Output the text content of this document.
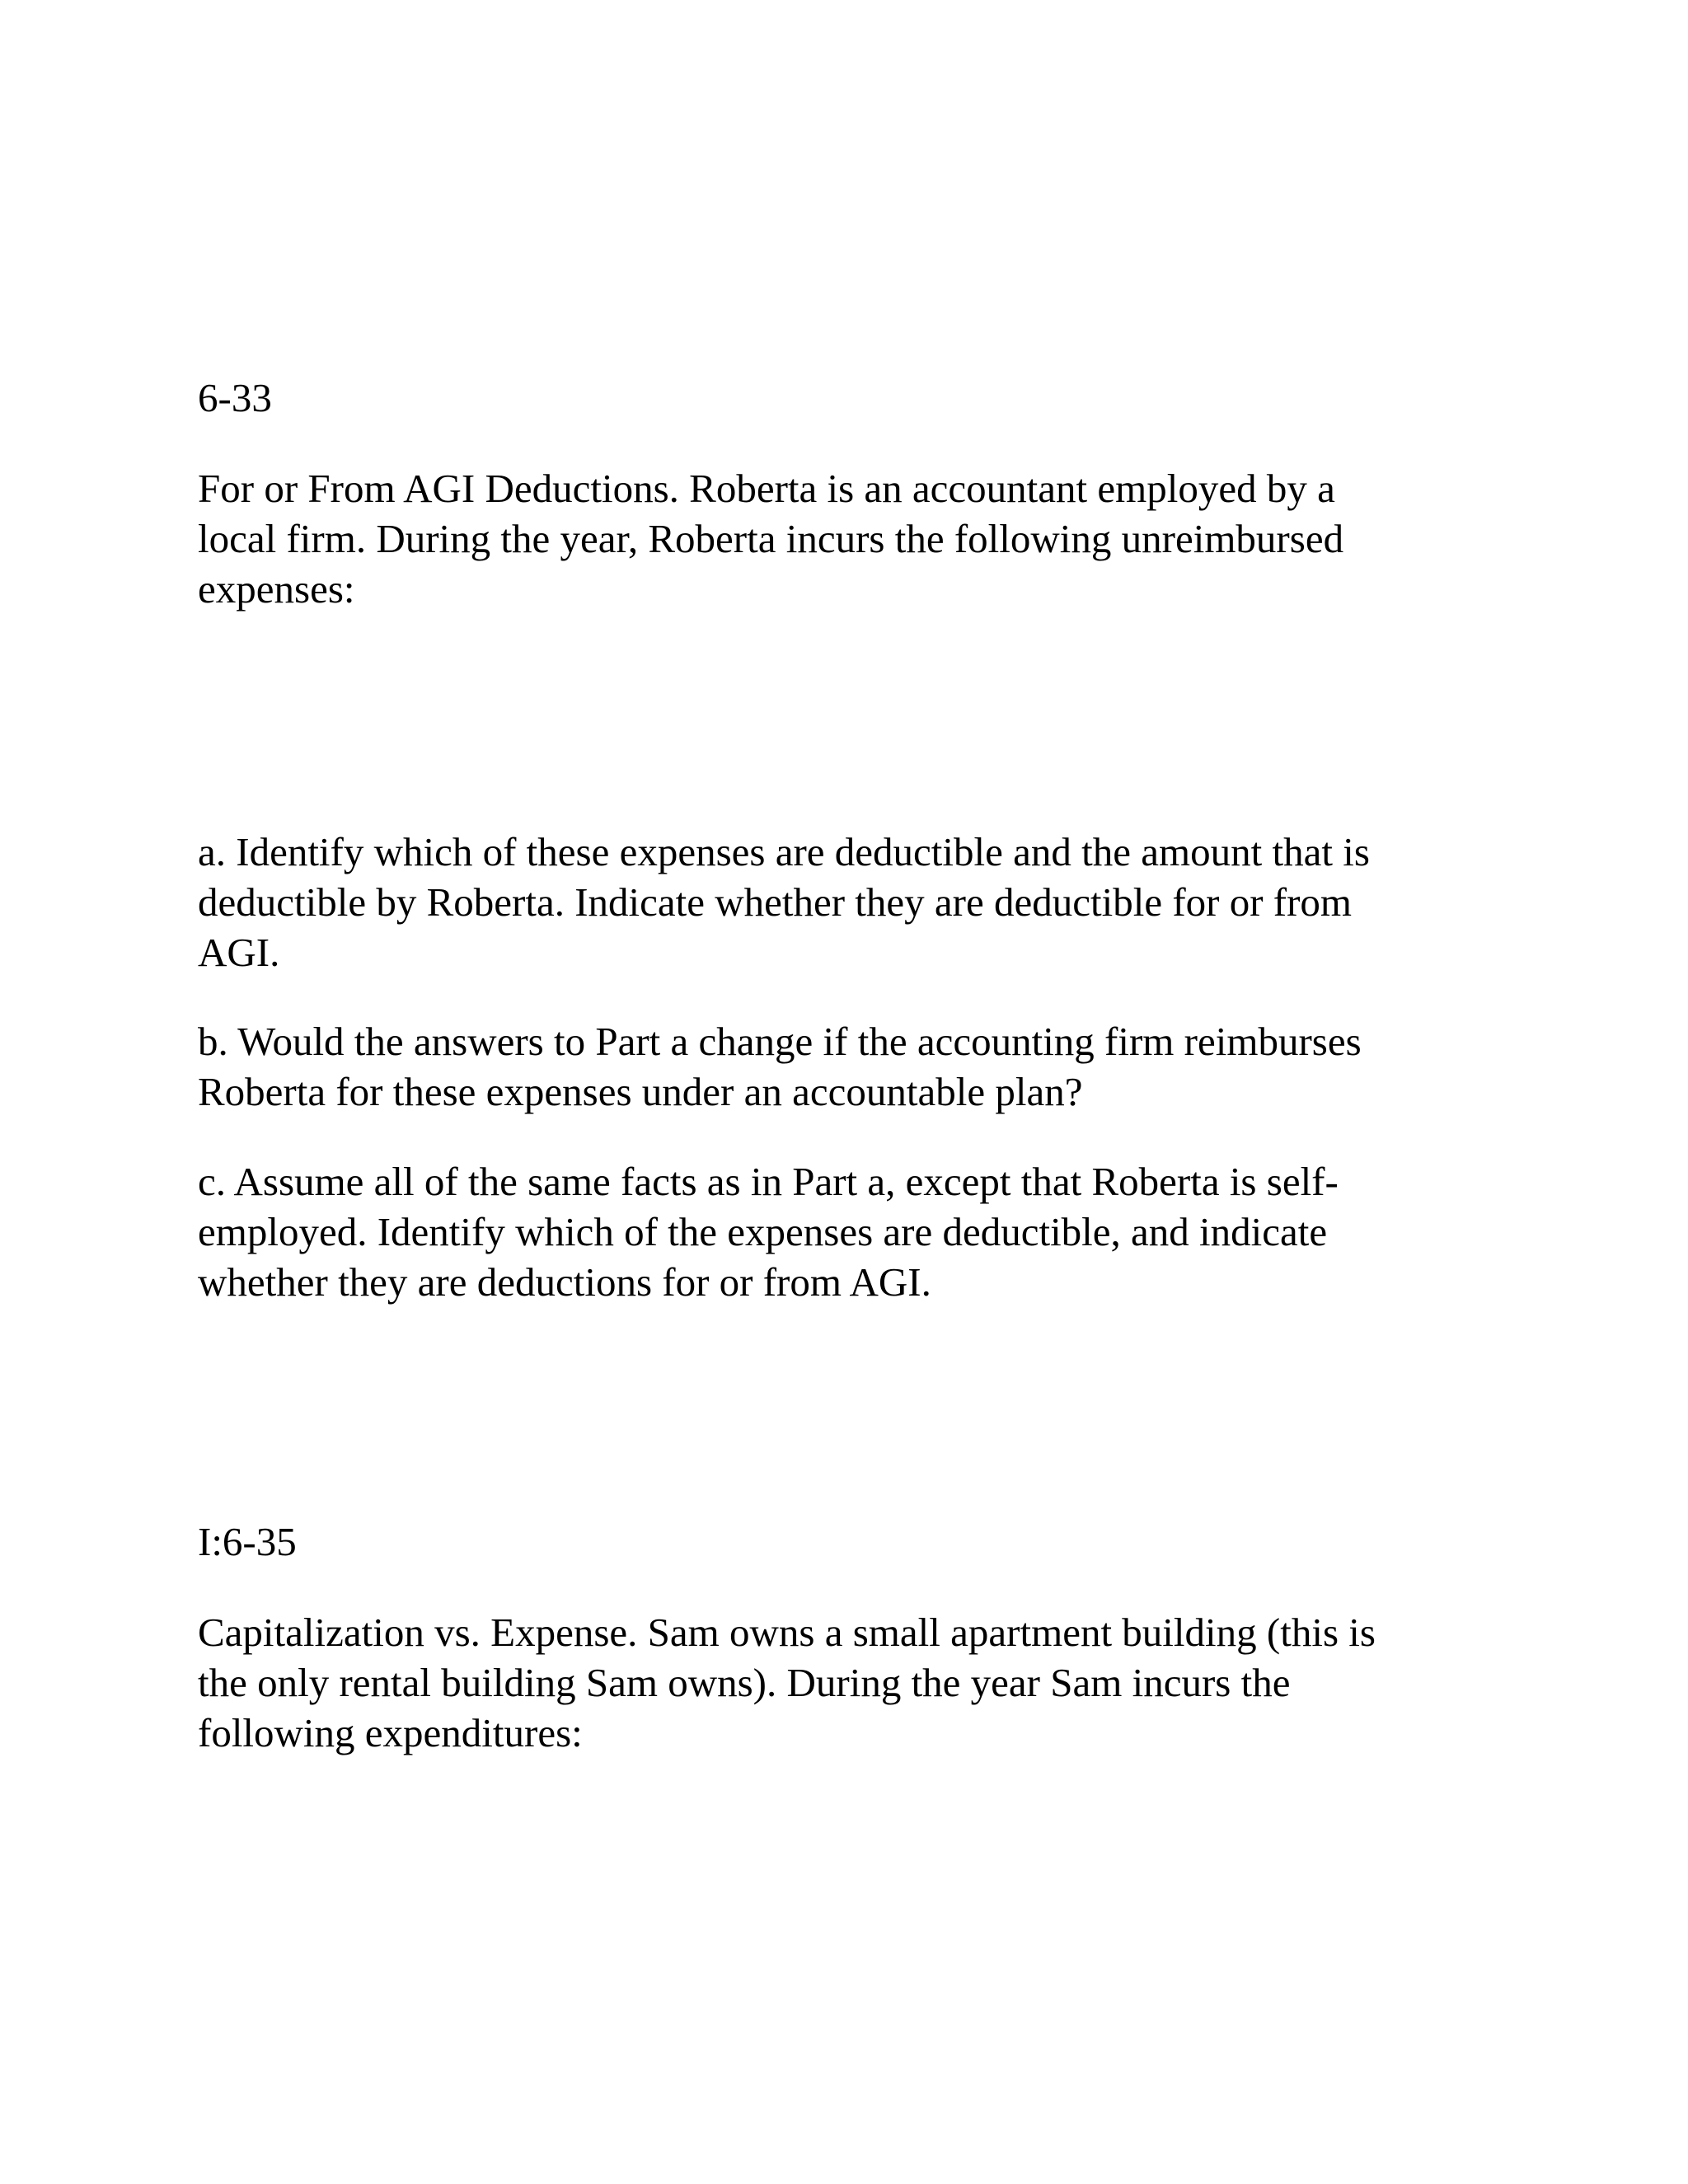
6-33

For or From AGI Deductions. Roberta is an accountant employed by a
local firm. During the year, Roberta incurs the following unreimbursed
expenses:

a. Identify which of these expenses are deductible and the amount that is
deductible by Roberta. Indicate whether they are deductible for or from
AGI.

b. Would the answers to Part a change if the accounting firm reimburses
Roberta for these expenses under an accountable plan?

c. Assume all of the same facts as in Part a, except that Roberta is self-
employed. Identify which of the expenses are deductible, and indicate
whether they are deductions for or from AGI.

I:6-35

Capitalization vs. Expense. Sam owns a small apartment building (this is
the only rental building Sam owns). During the year Sam incurs the
following expenditures:
